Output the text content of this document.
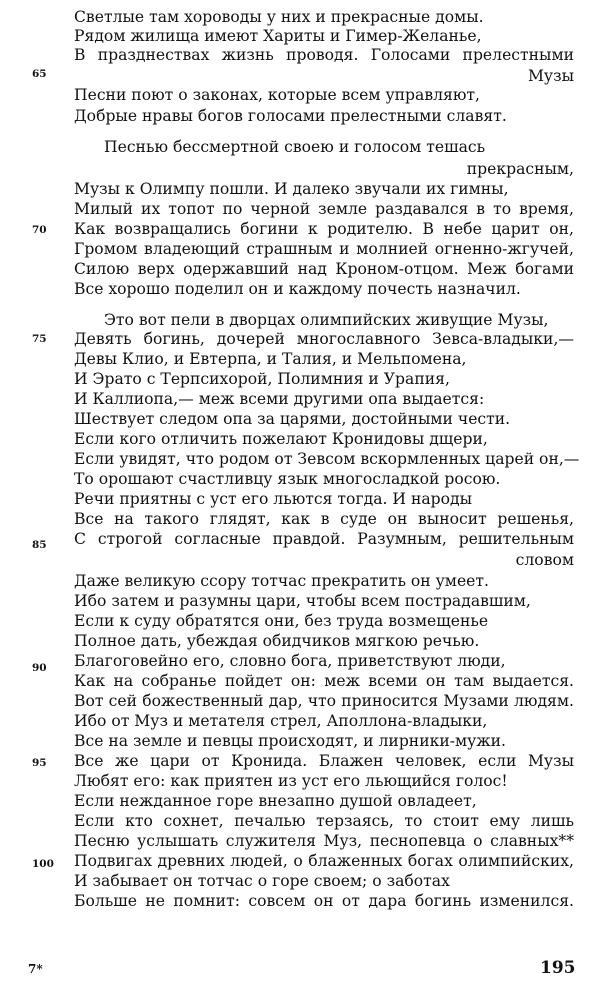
Светлые там хороводы у них и прекрасные домы.
Рядом жилища имеют Хариты и Гимер-Желанье,
В празднествах жизнь проводя. Голосами прелестными
Музы
Песни поют о законах, которые всем управляют,
Добрые нравы богов голосами прелестными славят.
Песнью бессмертной своею и голосом тешась
прекрасным,
Музы к Олимпу пошли. И далеко звучали их гимны,
Милый их топот по черной земле раздавался в то время,
Как возвращались богини к родителю. В небе царит он,
Громом владеющий страшным и молнией огненно-жгучей,
Силою верх одержавший над Кроном-отцом. Меж богами
Все хорошо поделил он и каждому почесть назначил.
Это вот пели в дворцах олимпийских живущие Музы,
Девять богинь, дочерей многославного Зевса-владыки,—
Девы Клио, и Евтерпа, и Талия, и Мельпомена,
И Эрато с Терпсихорой, Полимния и Урапия,
И Каллиопа,— меж всеми другими опа выдается:
Шествует следом опа за царями, достойными чести.
Если кого отличить пожелают Кронидовы дщери,
Если увидят, что родом от Зевсом вскормленных царей он,—
То орошают счастливцу язык многосладкой росою.
Речи приятны с уст его льются тогда. И народы
Все на такого глядят, как в суде он выносит решенья,
С строгой согласные правдой. Разумным, решительным
словом
Даже великую ссору тотчас прекратить он умеет.
Ибо затем и разумны цари, чтобы всем пострадавшим,
Если к суду обратятся они, без труда возмещенье
Полное дать, убеждая обидчиков мягкою речью.
Благоговейно его, словно бога, приветствуют люди,
Как на собранье пойдет он: меж всеми он там выдается.
Вот сей божественный дар, что приносится Музами людям.
Ибо от Муз и метателя стрел, Аполлона-владыки,
Все на земле и певцы происходят, и лирники-мужи.
Все же цари от Кронида. Блажен человек, если Музы
Любят его: как приятен из уст его льющийся голос!
Если нежданное горе внезапно душой овладеет,
Если кто сохнет, печалью терзаясь, то стоит ему лишь
Песню услышать служителя Муз, песнопевца о славных**
Подвигах древних людей, о блаженных богах олимпийских,
И забывает он тотчас о горе своем; о заботах
Больше не помнит: совсем он от дара богинь изменился.
65
70
75
85
90
95
100
7*	195
